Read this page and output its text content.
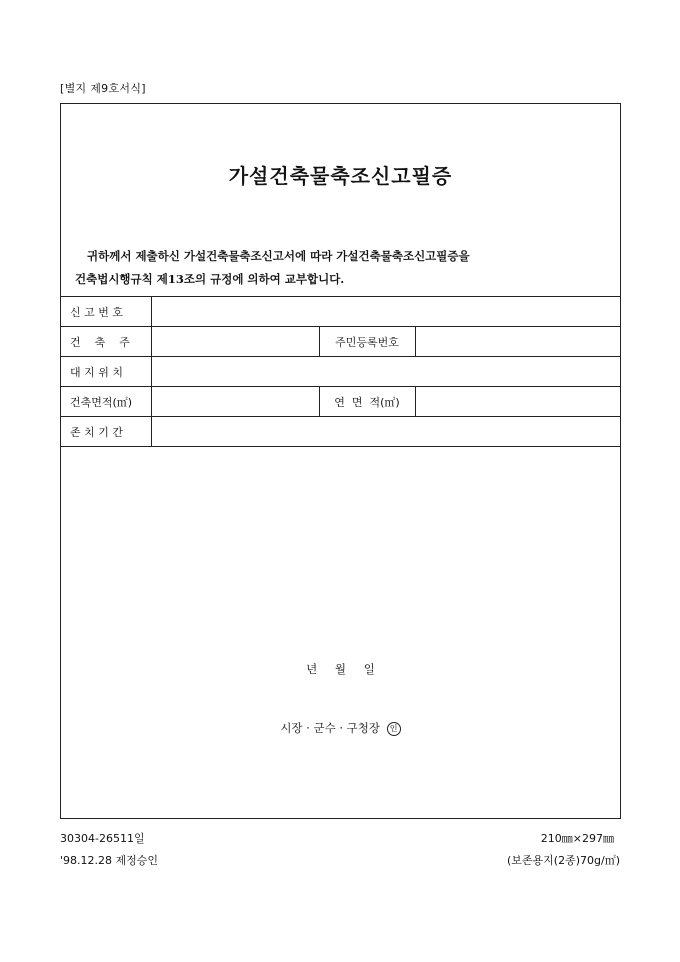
[별지 제9호서식]
가설건축물축조신고필증
귀하께서 제출하신 가설건축물축조신고서에 따라 가설건축물축조신고필증을
건축법시행규칙 제13조의 규정에 의하여 교부합니다.
신 고 번 호			
건    축    주		주민등록번호	
대 지 위 치			
건축면적(㎡)		연  면  적(㎡)	
존 치 기 간			
년 월 일
시장 · 군수 · 구청장 인
30304-26511일
'98.12.28 제정승인
210㎜×297㎜
(보존용지(2종)70g/㎡)
